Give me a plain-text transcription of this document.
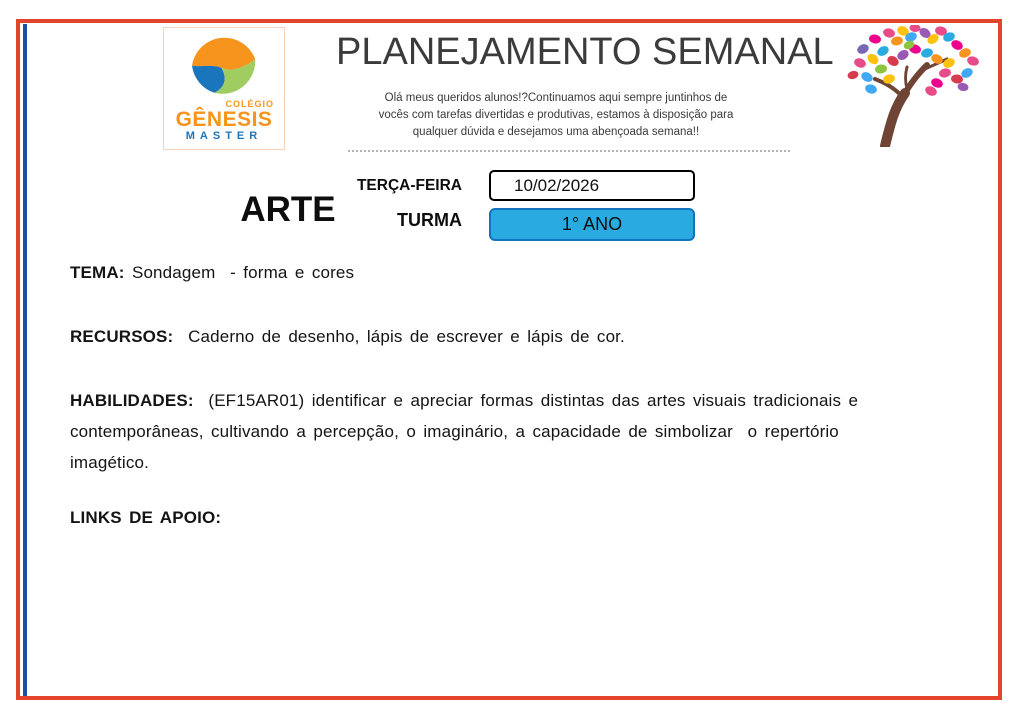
COLÉGIO
GÊNESIS
MASTER
PLANEJAMENTO SEMANAL
Olá meus queridos alunos!?Continuamos aqui sempre juntinhos de
vocês com tarefas divertidas e produtivas, estamos à disposição para
qualquer dúvida e desejamos uma abençoada semana!!
ARTE
TERÇA-FEIRA	10/02/2026
TURMA	1° ANO
TEMA: Sondagem  - forma e cores
RECURSOS:  Caderno de desenho, lápis de escrever e lápis de cor.
HABILIDADES:  (EF15AR01) identificar e apreciar formas distintas das artes visuais tradicionais e
contemporâneas, cultivando a percepção, o imaginário, a capacidade de simbolizar  o repertório
imagético.
LINKS DE APOIO:
